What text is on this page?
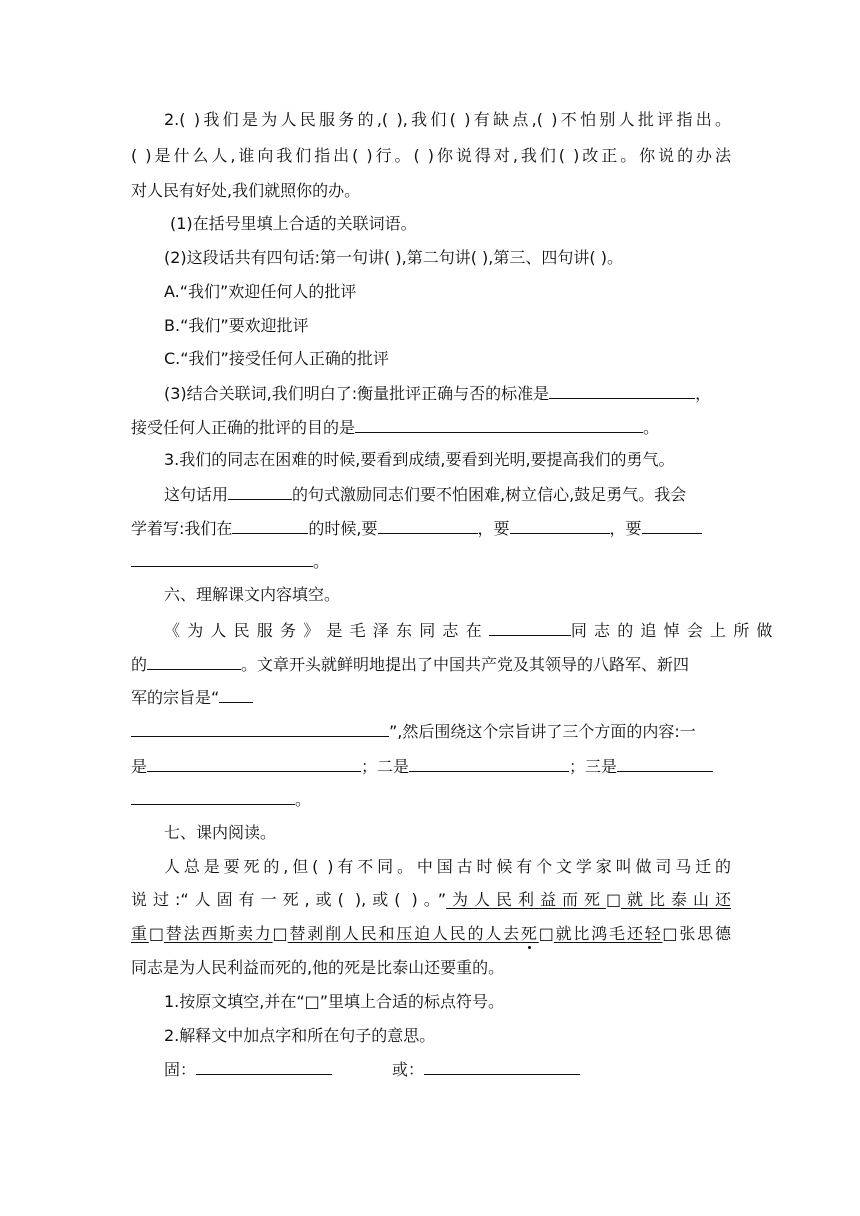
2.( )我们是为人民服务的,( ),我们( )有缺点,( )不怕别人批评指出。
( )是什么人,谁向我们指出( )行。( )你说得对,我们( )改正。你说的办法
对人民有好处,我们就照你的办。
(1)在括号里填上合适的关联词语。
(2)这段话共有四句话:第一句讲( ),第二句讲( ),第三、四句讲( )。
A.“我们”欢迎任何人的批评
B.“我们”要欢迎批评
C.“我们”接受任何人正确的批评
(3)结合关联词,我们明白了:衡量批评正确与否的标准是	，
接受任何人正确的批评的目的是	。
3.我们的同志在困难的时候,要看到成绩,要看到光明,要提高我们的勇气。
这句话用	的句式激励同志们要不怕困难,树立信心,鼓足勇气。我会
学着写:我们在	的时候,要	，要	，要
。
六、理解课文内容填空。
《为人民服务》是毛泽东同志在	同志的追悼会上所做
的	。文章开头就鲜明地提出了中国共产党及其领导的八路军、新四
军的宗旨是“
”,然后围绕这个宗旨讲了三个方面的内容:一
是	；二是	；三是
。
七、课内阅读。
人总是要死的,但( )有不同。中国古时候有个文学家叫做司马迁的
说过:“人固有一死,或( ),或( )。”为人民利益而死□就比泰山还
重□替法西斯卖力□替剥削人民和压迫人民的人去死□就比鸿毛还轻□张思德
同志是为人民利益而死的,他的死是比泰山还要重的。
1.按原文填空,并在“□”里填上合适的标点符号。
2.解释文中加点字和所在句子的意思。
固：	或：
